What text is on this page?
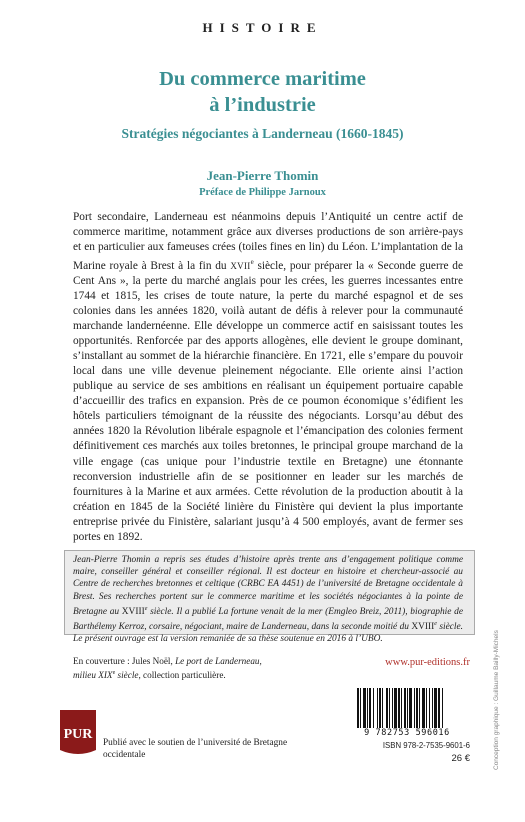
HISTOIRE
Du commerce maritime
à l’industrie
Stratégies négociantes à Landerneau (1660-1845)
Jean-Pierre Thomin
Préface de Philippe Jarnoux
Port secondaire, Landerneau est néanmoins depuis l’Antiquité un centre actif de commerce maritime, notamment grâce aux diverses productions de son arrière-pays et en particulier aux fameuses crées (toiles fines en lin) du Léon. L’implantation de la Marine royale à Brest à la fin du XVIIe siècle, pour préparer la « Seconde guerre de Cent Ans », la perte du marché anglais pour les crées, les guerres incessantes entre 1744 et 1815, les crises de toute nature, la perte du marché espagnol et de ses colonies dans les années 1820, voilà autant de défis à relever pour la communauté marchande landernéenne. Elle développe un commerce actif en saisissant toutes les opportunités. Renforcée par des apports allogènes, elle devient le groupe dominant, s’installant au sommet de la hiérarchie financière. En 1721, elle s’empare du pouvoir local dans une ville devenue pleinement négociante. Elle oriente ainsi l’action publique au service de ses ambitions en réalisant un équipement portuaire capable d’accueillir des trafics en expansion. Près de ce poumon économique s’édifient les hôtels particuliers témoignant de la réussite des négociants. Lorsqu’au début des années 1820 la Révolution libérale espagnole et l’émancipation des colonies ferment définitivement ces marchés aux toiles bretonnes, le principal groupe marchand de la ville engage (cas unique pour l’industrie textile en Bretagne) une étonnante reconversion industrielle afin de se positionner en leader sur les marchés de fournitures à la Marine et aux armées. Cette révolution de la production aboutit à la création en 1845 de la Société linière du Finistère qui devient la plus importante entreprise privée du Finistère, salariant jusqu’à 4 500 employés, avant de fermer ses portes en 1892.
Jean-Pierre Thomin a repris ses études d’histoire après trente ans d’engagement politique comme maire, conseiller général et conseiller régional. Il est docteur en histoire et chercheur-associé au Centre de recherches bretonnes et celtique (CRBC EA 4451) de l’université de Bretagne occidentale à Brest. Ses recherches portent sur le commerce maritime et les sociétés négociantes à la pointe de Bretagne au XVIIIe siècle. Il a publié La fortune venait de la mer (Emgleo Breiz, 2011), biographie de Barthélemy Kerroz, corsaire, négociant, maire de Landerneau, dans la seconde moitié du XVIIIe siècle. Le présent ouvrage est la version remaniée de sa thèse soutenue en 2016 à l’UBO.
En couverture : Jules Noël, Le port de Landerneau,
milieu XIXe siècle, collection particulière.
PUR
Publié avec le soutien de l’université de Bretagne occidentale
www.pur-editions.fr
9 782753 596016
ISBN 978-2-7535-9601-6
26 €	Conception graphique : Guillaume Bailly-Michels
